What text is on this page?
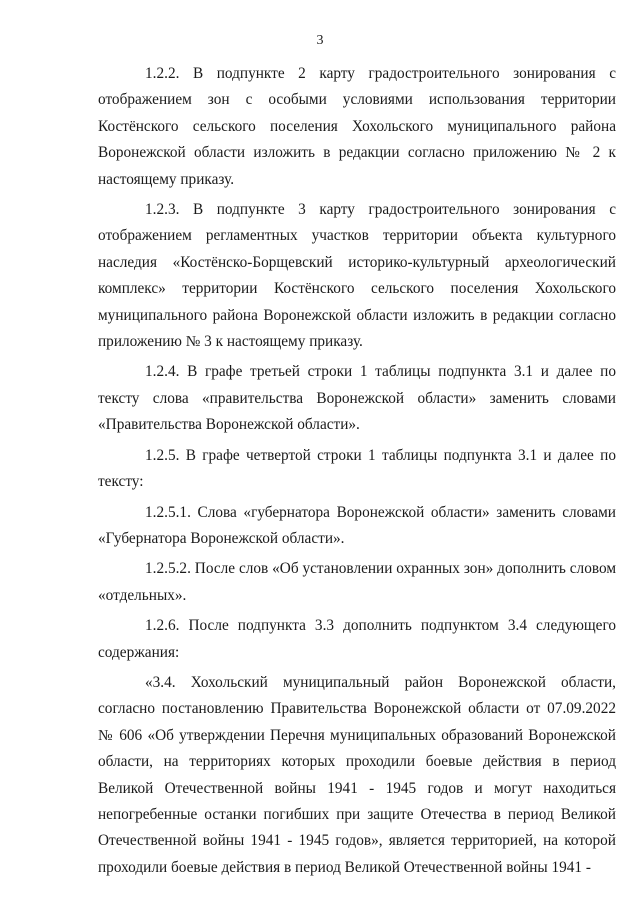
3

1.2.2. В подпункте 2 карту градостроительного зонирования с отображением зон с особыми условиями использования территории Костёнского сельского поселения Хохольского муниципального района Воронежской области изложить в редакции согласно приложению № 2 к настоящему приказу.

1.2.3. В подпункте 3 карту градостроительного зонирования с отображением регламентных участков территории объекта культурного наследия «Костёнско-Борщевский историко-культурный археологический комплекс» территории Костёнского сельского поселения Хохольского муниципального района Воронежской области изложить в редакции согласно приложению № 3 к настоящему приказу.

1.2.4. В графе третьей строки 1 таблицы подпункта 3.1 и далее по тексту слова «правительства Воронежской области» заменить словами «Правительства Воронежской области».

1.2.5. В графе четвертой строки 1 таблицы подпункта 3.1 и далее по тексту:

1.2.5.1. Слова «губернатора Воронежской области» заменить словами «Губернатора Воронежской области».

1.2.5.2. После слов «Об установлении охранных зон» дополнить словом «отдельных».

1.2.6. После подпункта 3.3 дополнить подпунктом 3.4 следующего содержания:

«3.4. Хохольский муниципальный район Воронежской области, согласно постановлению Правительства Воронежской области от 07.09.2022 № 606 «Об утверждении Перечня муниципальных образований Воронежской области, на территориях которых проходили боевые действия в период Великой Отечественной войны 1941 - 1945 годов и могут находиться непогребенные останки погибших при защите Отечества в период Великой Отечественной войны 1941 - 1945 годов», является территорией, на которой проходили боевые действия в период Великой Отечественной войны 1941 -
